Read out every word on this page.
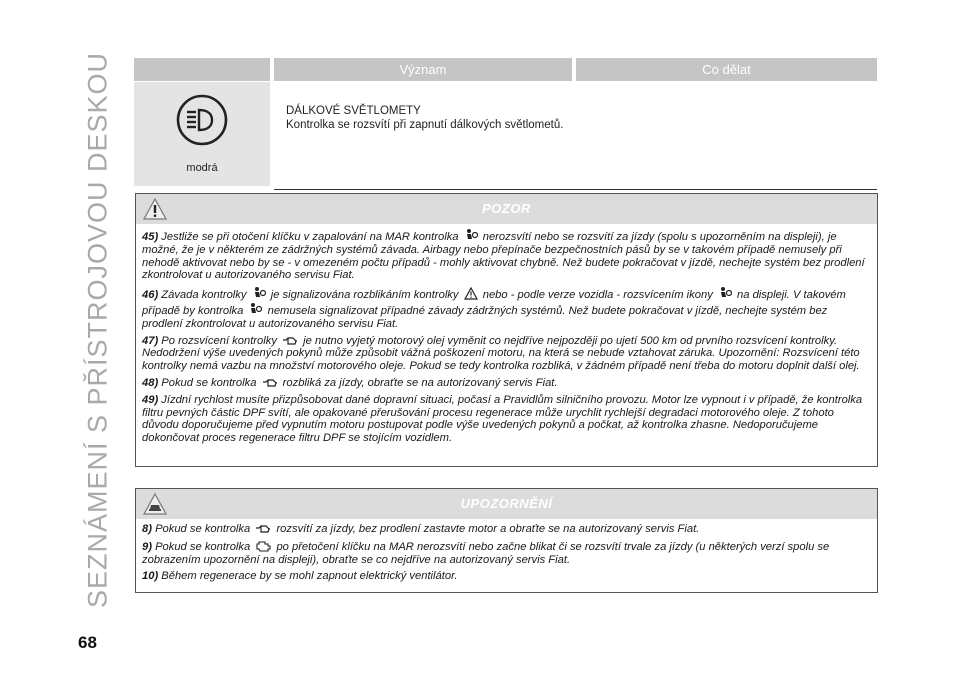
SEZNÁMENÍ S PŘÍSTROJOVOU DESKOU	Význam	Co dělat
modrá
DÁLKOVÉ SVĚTLOMETY
Kontrolka se rozsvítí při zapnutí dálkových světlometů.
POZOR

45) Jestliže se při otočení klíčku v zapalování na MAR kontrolka nerozsvítí nebo se rozsvítí za jízdy (spolu s upozorněním na displeji), je možné, že je v některém ze zádržných systémů závada. Airbagy nebo přepínače bezpečnostních pásů by se v takovém případě nemusely při nehodě aktivovat nebo by se - v omezeném počtu případů - mohly aktivovat chybně. Než budete pokračovat v jízdě, nechejte systém bez prodlení zkontrolovat u autorizovaného servisu Fiat.

46) Závada kontrolky je signalizována rozblikáním kontrolky nebo - podle verze vozidla - rozsvícením ikony na displeji. V takovém případě by kontrolka nemusela signalizovat případné závady zádržných systémů. Než budete pokračovat v jízdě, nechejte systém bez prodlení zkontrolovat u autorizovaného servisu Fiat.

47) Po rozsvícení kontrolky je nutno vyjetý motorový olej vyměnit co nejdříve nejpozději po ujetí 500 km od prvního rozsvícení kontrolky. Nedodržení výše uvedených pokynů může způsobit vážná poškození motoru, na která se nebude vztahovat záruka. Upozornění: Rozsvícení této kontrolky nemá vazbu na množství motorového oleje. Pokud se tedy kontrolka rozbliká, v žádném případě není třeba do motoru doplnit další olej.

48) Pokud se kontrolka rozbliká za jízdy, obraťte se na autorizovaný servis Fiat.

49) Jízdní rychlost musíte přizpůsobovat dané dopravní situaci, počasí a Pravidlům silničního provozu. Motor lze vypnout i v případě, že kontrolka filtru pevných částic DPF svítí, ale opakované přerušování procesu regenerace může urychlit rychlejší degradaci motorového oleje. Z tohoto důvodu doporučujeme před vypnutím motoru postupovat podle výše uvedených pokynů a počkat, až kontrolka zhasne. Nedoporučujeme dokončovat proces regenerace filtru DPF se stojícím vozidlem.

UPOZORNĚNÍ

8) Pokud se kontrolka rozsvítí za jízdy, bez prodlení zastavte motor a obraťte se na autorizovaný servis Fiat.

9) Pokud se kontrolka po přetočení klíčku na MAR nerozsvítí nebo začne blikat či se rozsvítí trvale za jízdy (u některých verzí spolu se zobrazením upozornění na displeji), obraťte se co nejdříve na autorizovaný servis Fiat.

10) Během regenerace by se mohl zapnout elektrický ventilátor.

68
